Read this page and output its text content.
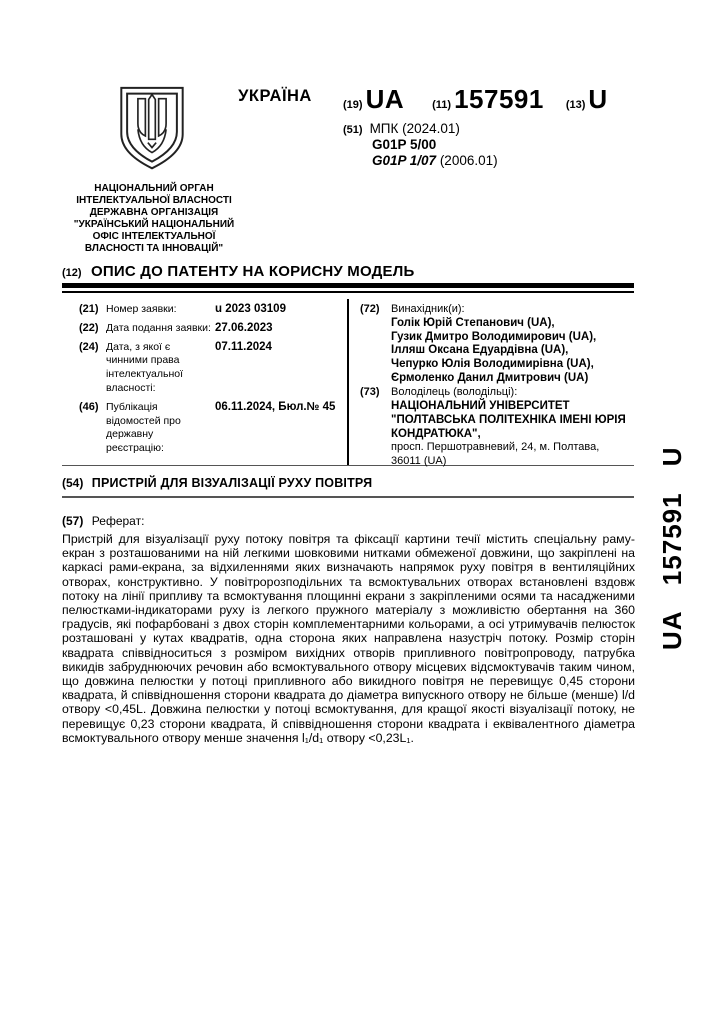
УКРАЇНА	(19) UA	(11) 157591 (13) U
(51) МПК (2024.01)
G01P 5/00
G01P 1/07 (2006.01)
НАЦІОНАЛЬНИЙ ОРГАН
ІНТЕЛЕКТУАЛЬНОЇ ВЛАСНОСТІ
ДЕРЖАВНА ОРГАНІЗАЦІЯ
"УКРАЇНСЬКИЙ НАЦІОНАЛЬНИЙ
ОФІС ІНТЕЛЕКТУАЛЬНОЇ
ВЛАСНОСТІ ТА ІННОВАЦІЙ"
(12) ОПИС ДО ПАТЕНТУ НА КОРИСНУ МОДЕЛЬ
(21) Номер заявки:	u 2023 03109
(22) Дата подання заявки: 27.06.2023
(24) Дата, з якої є чинними права інтелектуальної власності:
07.11.2024
(46) Публікація відомостей про державну реєстрацію:
06.11.2024, Бюл.№ 45
(72)	Винахідник(и):
Голік Юрій Степанович (UA),
Гузик Дмитро Володимирович (UA),
Ілляш Оксана Едуардівна (UA),
Чепурко Юлія Володимирівна (UA),
Єрмоленко Данил Дмитрович (UA)
(73)	Володілець (володільці):
НАЦІОНАЛЬНИЙ УНІВЕРСИТЕТ
"ПОЛТАВСЬКА ПОЛІТЕХНІКА ІМЕНІ ЮРІЯ
КОНДРАТЮКА",
просп. Першотравневий, 24, м. Полтава,
36011 (UA)
(54) ПРИСТРІЙ ДЛЯ ВІЗУАЛІЗАЦІЇ РУХУ ПОВІТРЯ
(57) Реферат:
Пристрій для візуалізації руху потоку повітря та фіксації картини течії містить спеціальну раму-екран з розташованими на ній легкими шовковими нитками обмеженої довжини, що закріплені на каркасі рами-екрана, за відхиленнями яких визначають напрямок руху повітря в вентиляційних отворах, конструктивно. У повітророзподільних та всмоктувальних отворах встановлені вздовж потоку на лінії припливу та всмоктування площинні екрани з закріпленими осями та насадженими пелюстками-індикаторами руху із легкого пружного матеріалу з можливістю обертання на 360 градусів, які пофарбовані з двох сторін комплементарними кольорами, а осі утримувачів пелюсток розташовані у кутах квадратів, одна сторона яких направлена назустріч потоку. Розмір сторін квадрата співвідноситься з розміром вихідних отворів припливного повітропроводу, патрубка викидів забруднюючих речовин або всмоктувального отвору місцевих відсмоктувачів таким чином, що довжина пелюстки у потоці припливного або викидного повітря не перевищує 0,45 сторони квадрата, й співвідношення сторони квадрата до діаметра випускного отвору не більше (менше) l/d отвору <0,45L. Довжина пелюстки у потоці всмоктування, для кращої якості візуалізації потоку, не перевищує 0,23 сторони квадрата, й співвідношення сторони квадрата і еквівалентного діаметра всмоктувального отвору менше значення l₁/d₁ отвору <0,23L₁.
UA 157591 U
